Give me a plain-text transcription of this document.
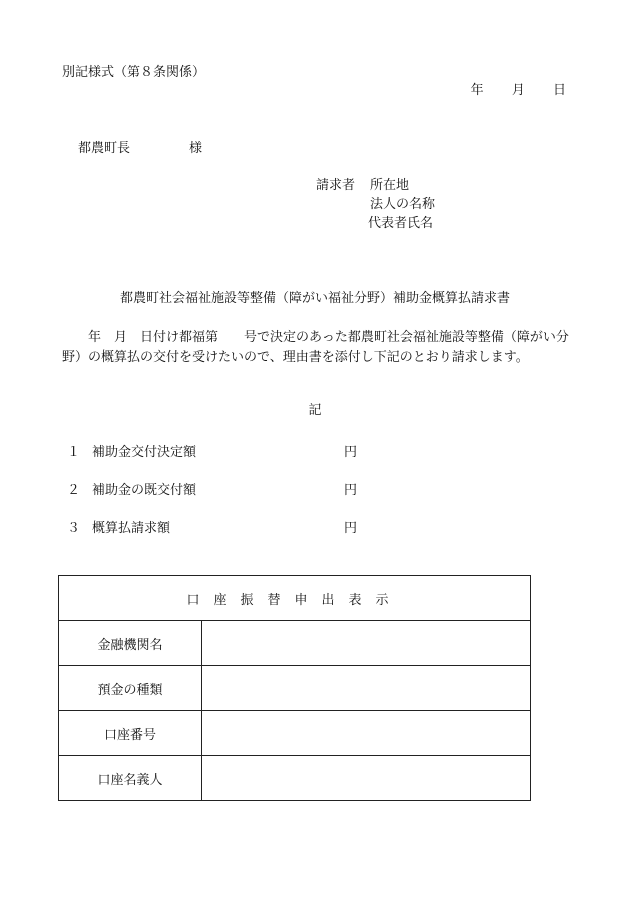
別記様式（第８条関係）
年 月 日
都農町長	様
請求者 所在地
法人の名称
代表者氏名
都農町社会福祉施設等整備（障がい福祉分野）補助金概算払請求書
年　月　日付け都福第　　号で決定のあった都農町社会福祉施設等整備（障がい分野）の概算払の交付を受けたいので、理由書を添付し下記のとおり請求します。
記
１ 補助金交付決定額	円
２ 補助金の既交付額	円
３ 概算払請求額	円
口座振替申出表示	
金融機関名	
預金の種類	
口座番号	
口座名義人	
